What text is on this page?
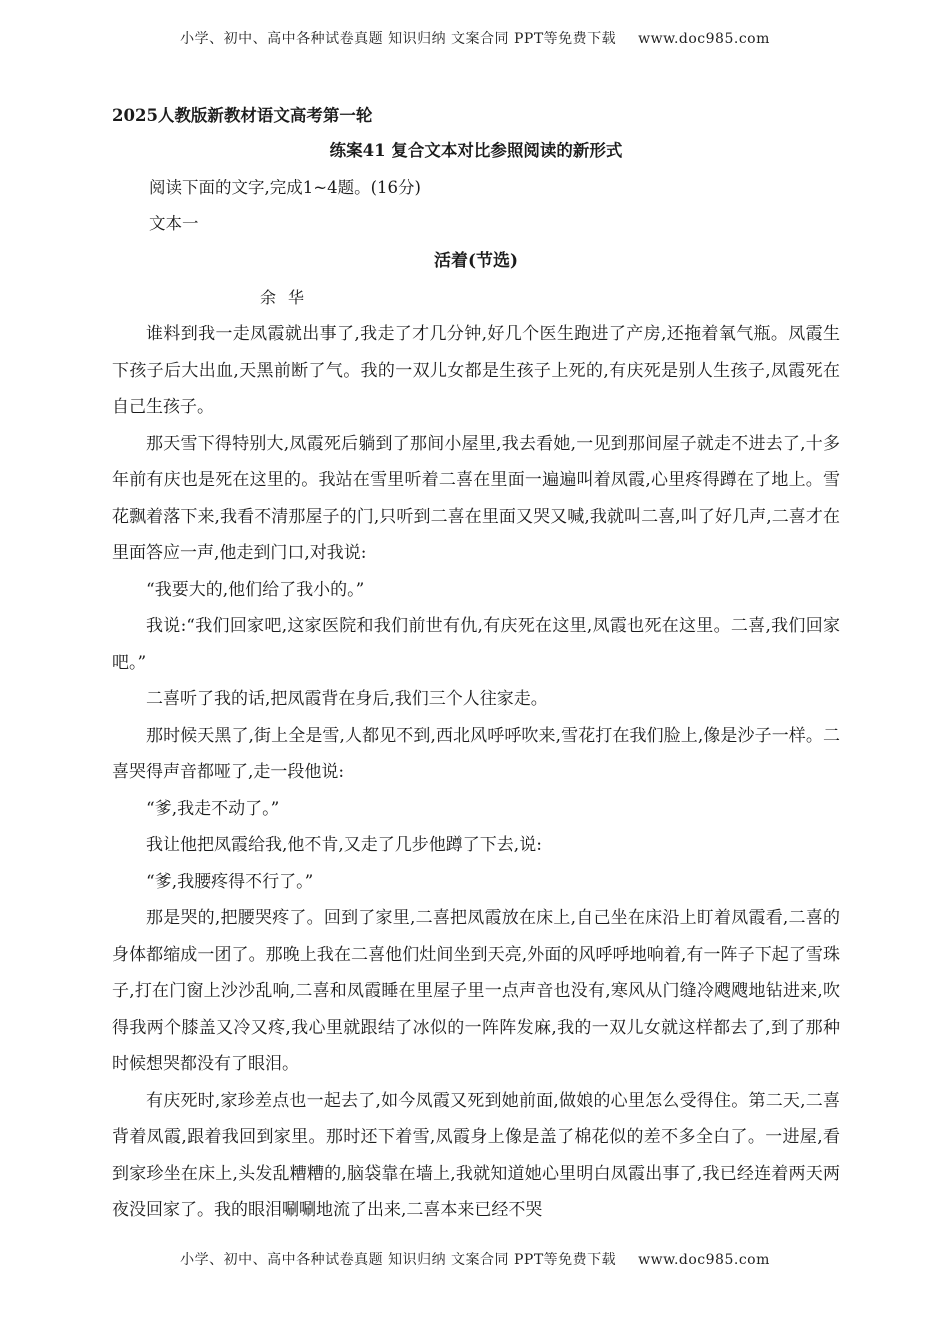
小学、初中、高中各种试卷真题 知识归纳 文案合同 PPT等免费下载 www.doc985.com
2025人教版新教材语文高考第一轮
练案41 复合文本对比参照阅读的新形式
阅读下面的文字,完成1~4题。(16分)
文本一
活着(节选)
余华

谁料到我一走凤霞就出事了,我走了才几分钟,好几个医生跑进了产房,还拖着氧气瓶。凤霞生下孩子后大出血,天黑前断了气。我的一双儿女都是生孩子上死的,有庆死是别人生孩子,凤霞死在自己生孩子。

那天雪下得特别大,凤霞死后躺到了那间小屋里,我去看她,一见到那间屋子就走不进去了,十多年前有庆也是死在这里的。我站在雪里听着二喜在里面一遍遍叫着凤霞,心里疼得蹲在了地上。雪花飘着落下来,我看不清那屋子的门,只听到二喜在里面又哭又喊,我就叫二喜,叫了好几声,二喜才在里面答应一声,他走到门口,对我说:

“我要大的,他们给了我小的。”

我说:“我们回家吧,这家医院和我们前世有仇,有庆死在这里,凤霞也死在这里。二喜,我们回家吧。”

二喜听了我的话,把凤霞背在身后,我们三个人往家走。

那时候天黑了,街上全是雪,人都见不到,西北风呼呼吹来,雪花打在我们脸上,像是沙子一样。二喜哭得声音都哑了,走一段他说:

“爹,我走不动了。”

我让他把凤霞给我,他不肯,又走了几步他蹲了下去,说:

“爹,我腰疼得不行了。”

那是哭的,把腰哭疼了。回到了家里,二喜把凤霞放在床上,自己坐在床沿上盯着凤霞看,二喜的身体都缩成一团了。那晚上我在二喜他们灶间坐到天亮,外面的风呼呼地响着,有一阵子下起了雪珠子,打在门窗上沙沙乱响,二喜和凤霞睡在里屋子里一点声音也没有,寒风从门缝冷飕飕地钻进来,吹得我两个膝盖又冷又疼,我心里就跟结了冰似的一阵阵发麻,我的一双儿女就这样都去了,到了那种时候想哭都没有了眼泪。

有庆死时,家珍差点也一起去了,如今凤霞又死到她前面,做娘的心里怎么受得住。第二天,二喜背着凤霞,跟着我回到家里。那时还下着雪,凤霞身上像是盖了棉花似的差不多全白了。一进屋,看到家珍坐在床上,头发乱糟糟的,脑袋靠在墙上,我就知道她心里明白凤霞出事了,我已经连着两天两夜没回家了。我的眼泪唰唰地流了出来,二喜本来已经不哭

小学、初中、高中各种试卷真题 知识归纳 文案合同 PPT等免费下载 www.doc985.com
